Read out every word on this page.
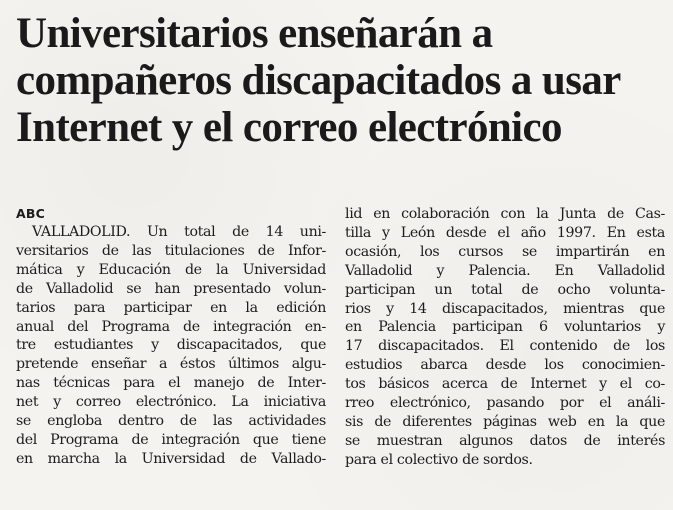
Universitarios enseñarán a
compañeros discapacitados a usar
Internet y el correo electrónico
ABC
VALLADOLID. Un total de 14 uni-
versitarios de las titulaciones de Infor-
mática y Educación de la Universidad
de Valladolid se han presentado volun-
tarios para participar en la edición
anual del Programa de integración en-
tre estudiantes y discapacitados, que
pretende enseñar a éstos últimos algu-
nas técnicas para el manejo de Inter-
net y correo electrónico. La iniciativa
se engloba dentro de las actividades
del Programa de integración que tiene
en marcha la Universidad de Vallado-
lid en colaboración con la Junta de Cas-
tilla y León desde el año 1997. En esta
ocasión, los cursos se impartirán en
Valladolid y Palencia. En Valladolid
participan un total de ocho volunta-
rios y 14 discapacitados, mientras que
en Palencia participan 6 voluntarios y
17 discapacitados. El contenido de los
estudios abarca desde los conocimien-
tos básicos acerca de Internet y el co-
rreo electrónico, pasando por el análi-
sis de diferentes páginas web en la que
se muestran algunos datos de interés
para el colectivo de sordos.
